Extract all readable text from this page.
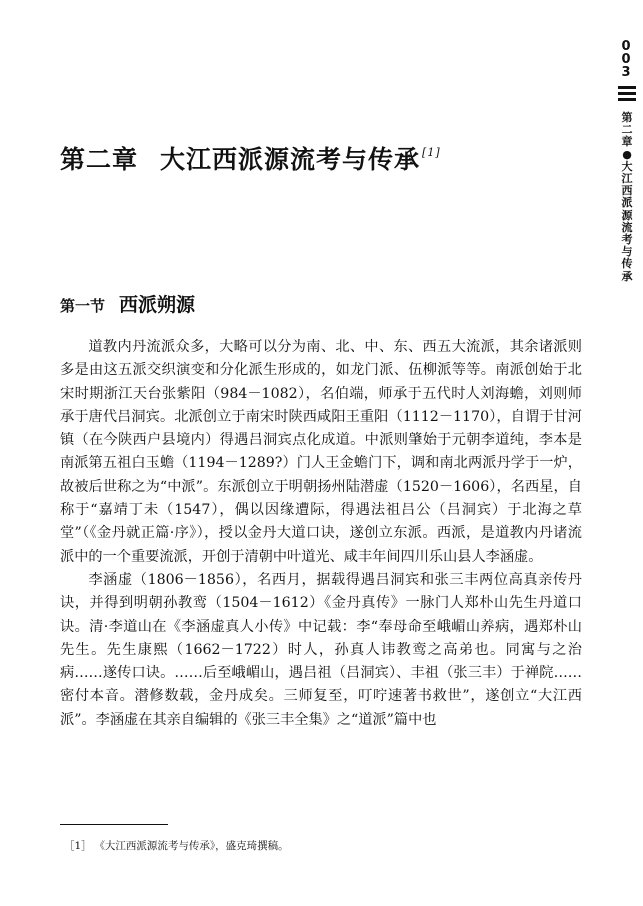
0
0
3
第二章●大江西派源流考与传承
第二章 大江西派源流考与传承 [1]
第一节 西派朔源

道教内丹流派众多，大略可以分为南、北、中、东、西五大流派，其余诸派则多是由这五派交织演变和分化派生形成的，如龙门派、伍柳派等等。南派创始于北宋时期浙江天台张紫阳（984－1082），名伯端，师承于五代时人刘海蟾，刘则师承于唐代吕洞宾。北派创立于南宋时陕西咸阳王重阳（1112－1170），自谓于甘河镇（在今陕西户县境内）得遇吕洞宾点化成道。中派则肇始于元朝李道纯，李本是南派第五祖白玉蟾（1194－1289?）门人王金蟾门下，调和南北两派丹学于一炉，故被后世称之为“中派”。东派创立于明朝扬州陆潜虚（1520－1606），名西星，自称于“嘉靖丁未（1547），偶以因缘遭际，得遇法祖吕公（吕洞宾）于北海之草堂”（《金丹就正篇·序》），授以金丹大道口诀，遂创立东派。西派，是道教内丹诸流派中的一个重要流派，开创于清朝中叶道光、咸丰年间四川乐山县人李涵虚。

李涵虚（1806－1856），名西月，据载得遇吕洞宾和张三丰两位高真亲传丹诀，并得到明朝孙教鸾（1504－1612）《金丹真传》一脉门人郑朴山先生丹道口诀。清·李道山在《李涵虚真人小传》中记载：李“奉母命至峨嵋山养病，遇郑朴山先生。先生康熙（1662－1722）时人，孙真人讳教鸾之高弟也。同寓与之治病……遂传口诀。……后至峨嵋山，遇吕祖（吕洞宾）、丰祖（张三丰）于禅院……密付本音。潜修数载，金丹成矣。三师复至，叮咛速著书救世”，遂创立“大江西派”。李涵虚在其亲自编辑的《张三丰全集》之“道派”篇中也

［1］ 《大江西派源流考与传承》，盛克琦撰稿。
